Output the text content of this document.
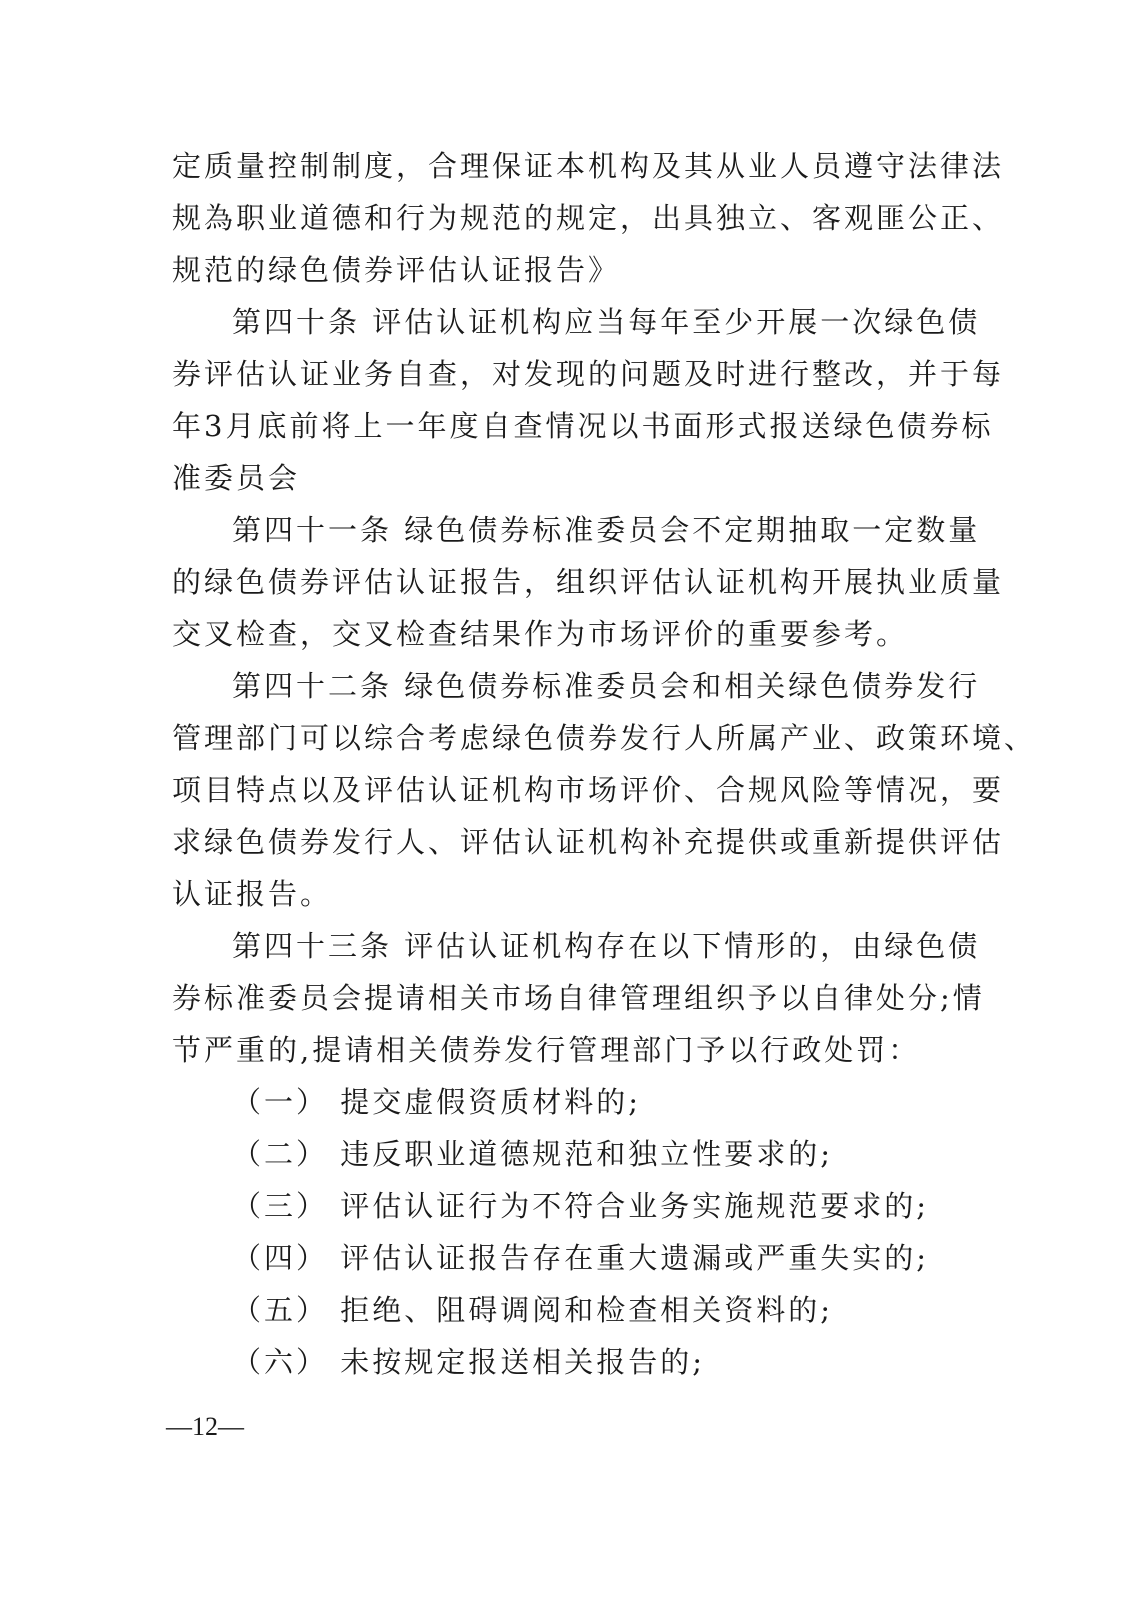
定质量控制制度，合理保证本机构及其从业人员遵守法律法
规為职业道德和行为规范的规定，出具独立、客观匪公正、
规范的绿色债券评估认证报告》
第四十条 评估认证机构应当每年至少开展一次绿色债
券评估认证业务自查，对发现的问题及时进行整改，并于每
年3月底前将上一年度自查情况以书面形式报送绿色债券标
准委员会
第四十一条 绿色债券标准委员会不定期抽取一定数量
的绿色债券评估认证报告，组织评估认证机构开展执业质量
交叉检查，交叉检查结果作为市场评价的重要参考。
第四十二条 绿色债券标准委员会和相关绿色债券发行
管理部门可以综合考虑绿色债券发行人所属产业、政策环境、
项目特点以及评估认证机构市场评价、合规风险等情况，要
求绿色债券发行人、评估认证机构补充提供或重新提供评估
认证报告。
第四十三条 评估认证机构存在以下情形的，由绿色债
券标准委员会提请相关市场自律管理组织予以自律处分;情
节严重的,提请相关债券发行管理部门予以行政处罚：
（一） 提交虚假资质材料的;
（二） 违反职业道德规范和独立性要求的;
（三） 评估认证行为不符合业务实施规范要求的;
（四） 评估认证报告存在重大遗漏或严重失实的;
（五） 拒绝、阻碍调阅和检查相关资料的;
（六） 未按规定报送相关报告的;
—12—
